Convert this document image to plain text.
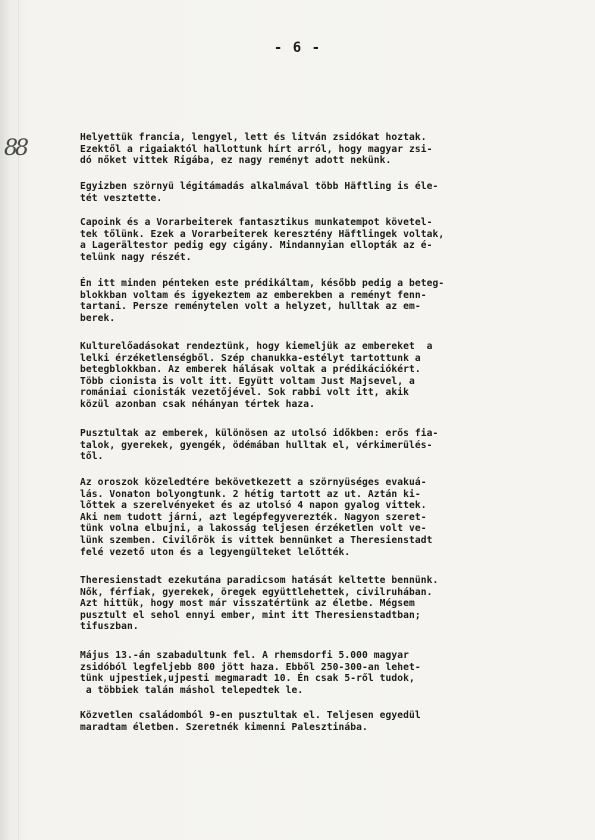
88
- 6 -
Helyettük francia, lengyel, lett és litván zsidókat hoztak.
Ezektől a rigaiaktól hallottunk hírt arról, hogy magyar zsi-
dó nőket vittek Rigába, ez nagy reményt adott nekünk.
Egyizben szörnyü légitámadás alkalmával több Häftling is éle-
tét vesztette.
Capoink és a Vorarbeiterek fantasztikus munkatempot követel-
tek tőlünk. Ezek a Vorarbeiterek keresztény Häftlingek voltak,
a Lagerältestor pedig egy cigány. Mindannyian ellopták az é-
telünk nagy részét.
Én itt minden pénteken este prédikáltam, később pedig a beteg-
blokkban voltam és igyekeztem az emberekben a reményt fenn-
tartani. Persze reménytelen volt a helyzet, hulltak az em-
berek.
Kulturelőadásokat rendeztünk, hogy kiemeljük az embereket  a
lelki érzéketlenségből. Szép chanukka-estélyt tartottunk a
betegblokkban. Az emberek hálásak voltak a prédikációkért.
Több cionista is volt itt. Együtt voltam Just Majsevel, a
romániai cionisták vezetőjével. Sok rabbi volt itt, akik
közül azonban csak néhányan tértek haza.
Pusztultak az emberek, különösen az utolsó időkben: erős fia-
talok, gyerekek, gyengék, ödémában hulltak el, vérkimerülés-
től.
Az oroszok közeledtére bekövetkezett a szörnyüséges evakuá-
lás. Vonaton bolyongtunk. 2 hétig tartott az ut. Aztán ki-
lőttek a szerelvényeket és az utolsó 4 napon gyalog vittek.
Aki nem tudott járni, azt legépfegyverezték. Nagyon szeret-
tünk volna elbujni, a lakosság teljesen érzéketlen volt ve-
lünk szemben. Civilőrök is vittek bennünket a Theresienstadt
felé vezető uton és a legyengülteket lelőtték.
Theresienstadt ezekutána paradicsom hatását keltette bennünk.
Nők, férfiak, gyerekek, öregek együttlehettek, civilruhában.
Azt hittük, hogy most már visszatértünk az életbe. Mégsem
pusztult el sehol ennyi ember, mint itt Theresienstadtban;
tifuszban.
Május 13.-án szabadultunk fel. A rhemsdorfi 5.000 magyar
zsidóból legfeljebb 800 jött haza. Ebből 250-300-an lehet-
tünk ujpestiek,ujpesti megmaradt 10. Én csak 5-ről tudok,
a többiek talán máshol telepedtek le.
Közvetlen családomból 9-en pusztultak el. Teljesen egyedül
maradtam életben. Szeretnék kimenni Palesztinába.
